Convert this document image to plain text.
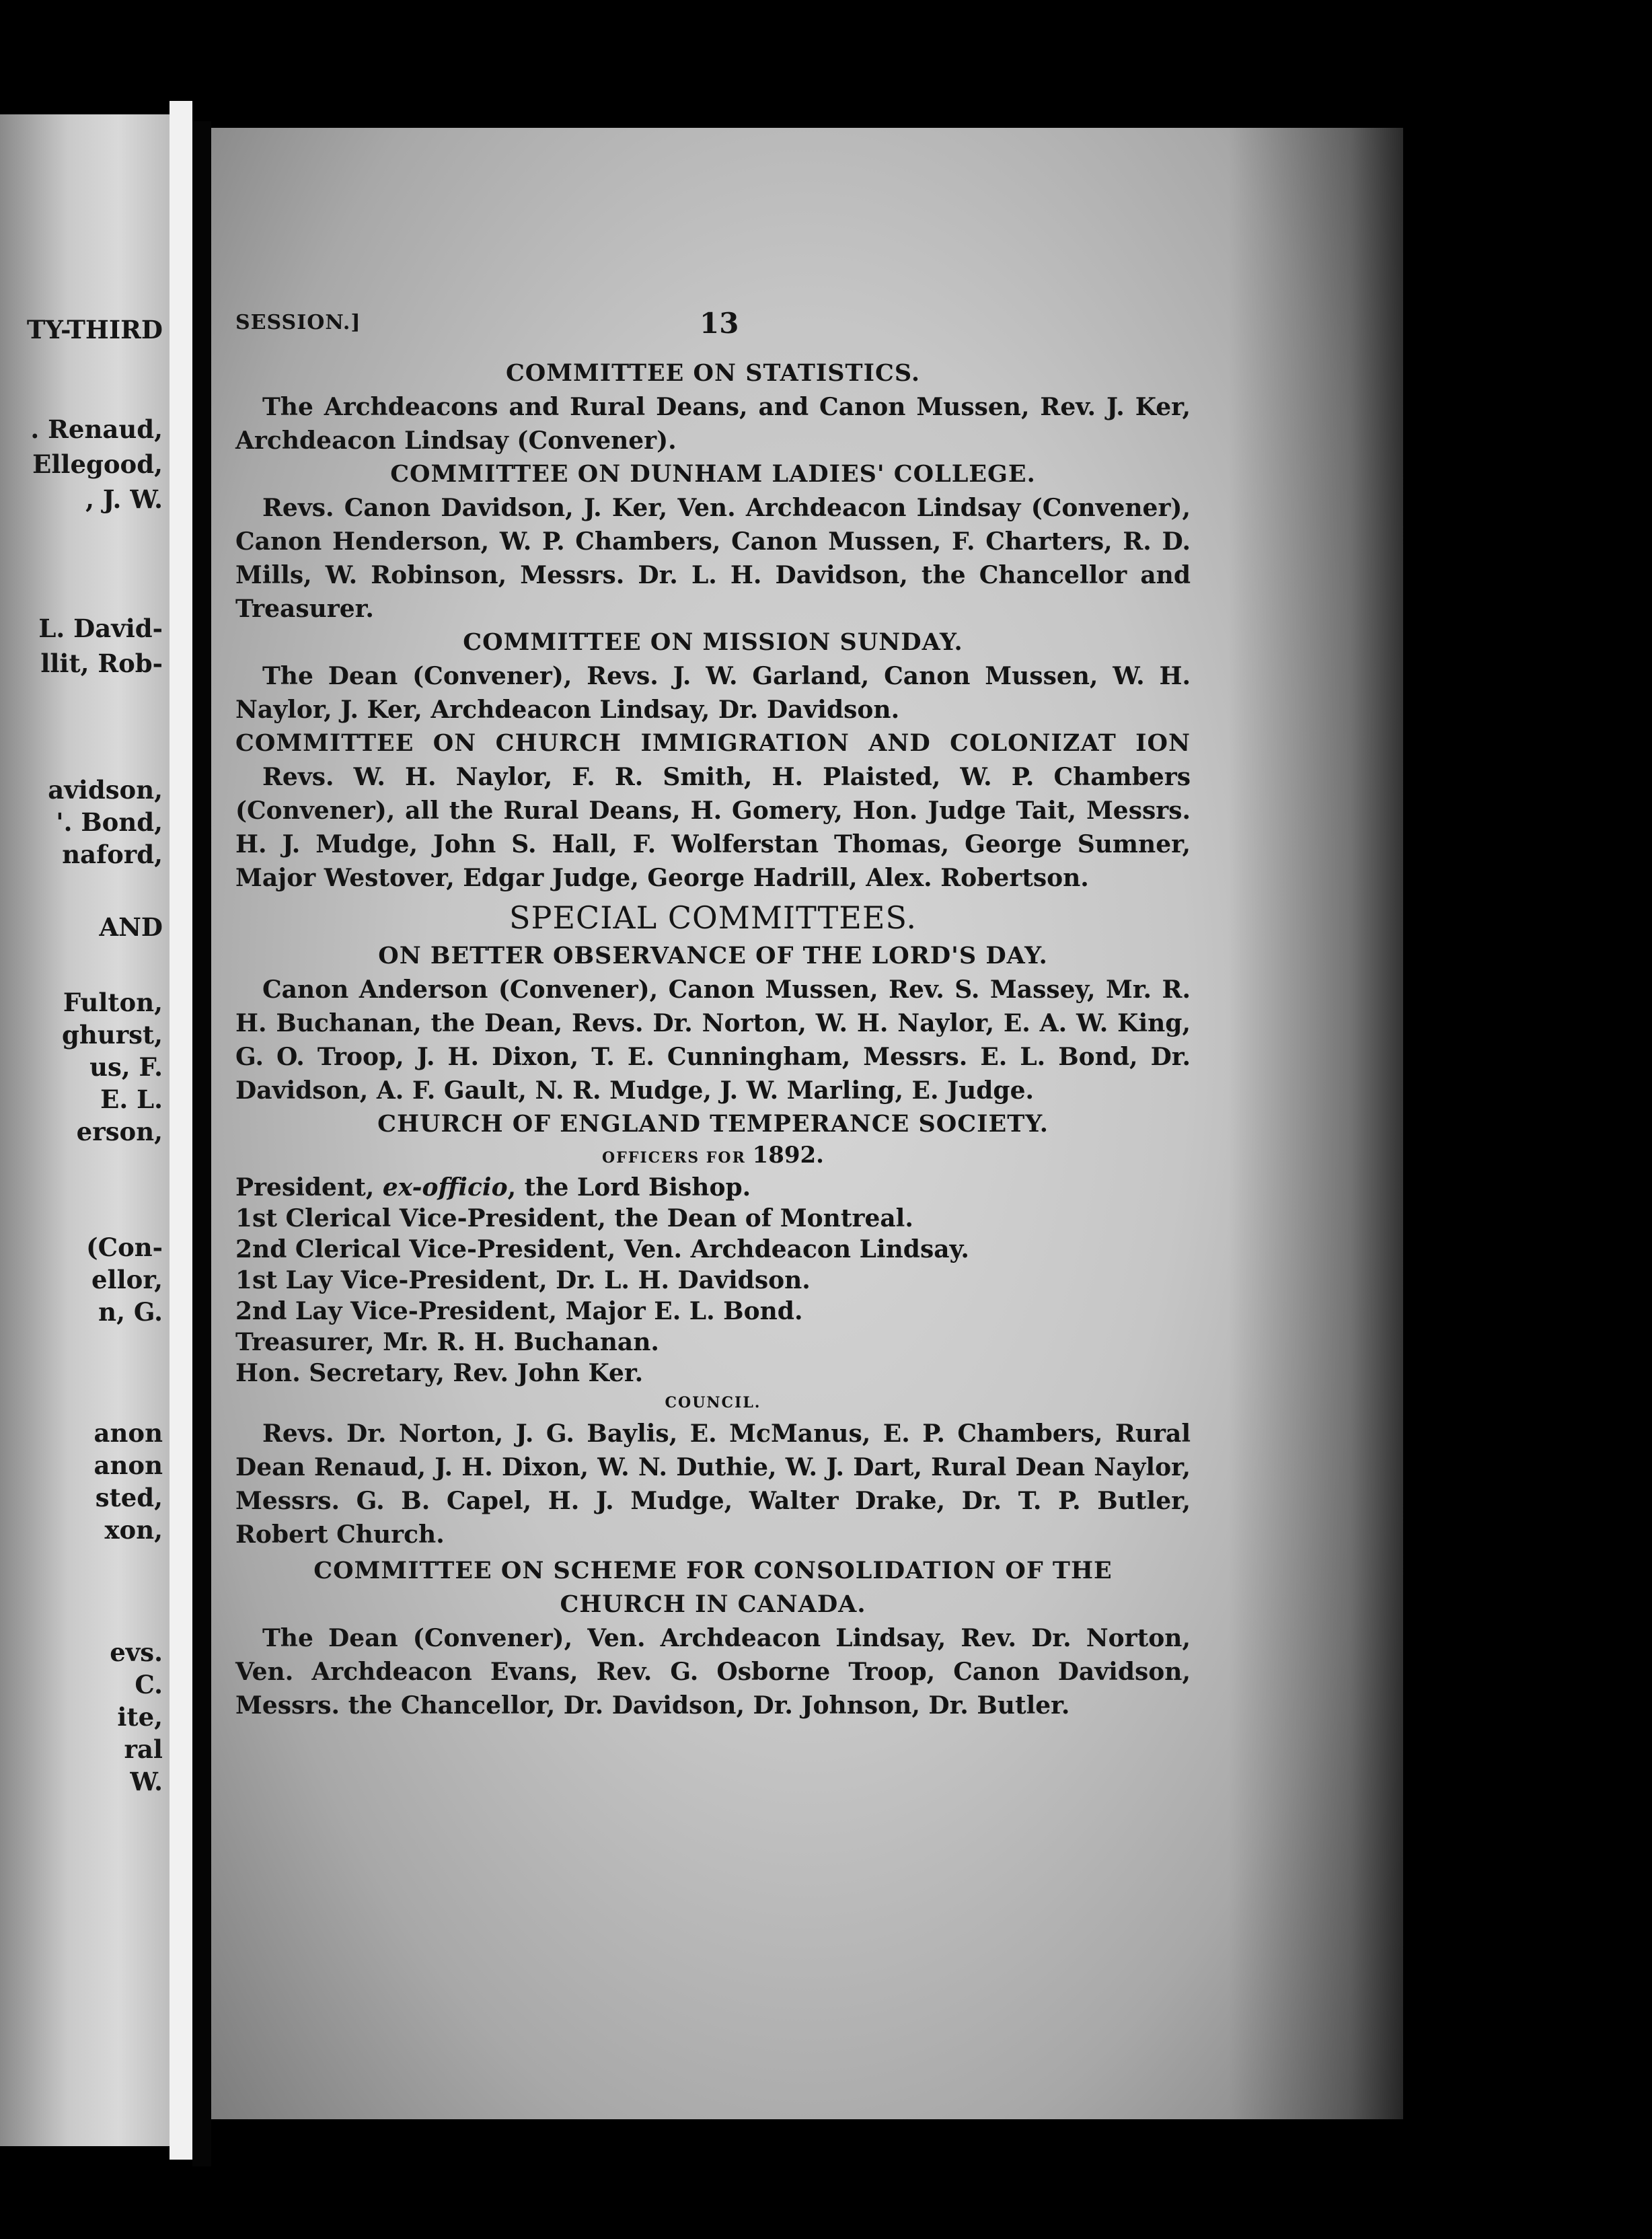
TY-THIRD
. Renaud,
Ellegood,
, J. W.
L. David-
llit, Rob-
avidson,
'. Bond,
naford,
AND
Fulton,
ghurst,
us, F.
E. L.
erson,
(Con-
ellor,
n, G.
anon
anon
sted,
xon,
evs.
C.
ite,
ral
W.
SESSION.]	13

COMMITTEE ON STATISTICS.

The Archdeacons and Rural Deans, and Canon Mussen, Rev. J. Ker, Archdeacon Lindsay (Convener).

COMMITTEE ON DUNHAM LADIES' COLLEGE.

Revs. Canon Davidson, J. Ker, Ven. Archdeacon Lindsay (Convener), Canon Henderson, W. P. Chambers, Canon Mussen, F. Charters, R. D. Mills, W. Robinson, Messrs. Dr. L. H. Davidson, the Chancellor and Treasurer.

COMMITTEE ON MISSION SUNDAY.

The Dean (Convener), Revs. J. W. Garland, Canon Mussen, W. H. Naylor, J. Ker, Archdeacon Lindsay, Dr. Davidson.

COMMITTEE ON CHURCH IMMIGRATION AND COLONIZAT ION

Revs. W. H. Naylor, F. R. Smith, H. Plaisted, W. P. Chambers (Convener), all the Rural Deans, H. Gomery, Hon. Judge Tait, Messrs. H. J. Mudge, John S. Hall, F. Wolferstan Thomas, George Sumner, Major Westover, Edgar Judge, George Hadrill, Alex. Robertson.

SPECIAL COMMITTEES.

ON BETTER OBSERVANCE OF THE LORD'S DAY.

Canon Anderson (Convener), Canon Mussen, Rev. S. Massey, Mr. R. H. Buchanan, the Dean, Revs. Dr. Norton, W. H. Naylor, E. A. W. King, G. O. Troop, J. H. Dixon, T. E. Cunningham, Messrs. E. L. Bond, Dr. Davidson, A. F. Gault, N. R. Mudge, J. W. Marling, E. Judge.

CHURCH OF ENGLAND TEMPERANCE SOCIETY.

OFFICERS FOR 1892.

President, ex-officio, the Lord Bishop.

1st Clerical Vice-President, the Dean of Montreal.

2nd Clerical Vice-President, Ven. Archdeacon Lindsay.

1st Lay Vice-President, Dr. L. H. Davidson.

2nd Lay Vice-President, Major E. L. Bond.

Treasurer, Mr. R. H. Buchanan.

Hon. Secretary, Rev. John Ker.

COUNCIL.

Revs. Dr. Norton, J. G. Baylis, E. McManus, E. P. Chambers, Rural Dean Renaud, J. H. Dixon, W. N. Duthie, W. J. Dart, Rural Dean Naylor, Messrs. G. B. Capel, H. J. Mudge, Walter Drake, Dr. T. P. Butler, Robert Church.

COMMITTEE ON SCHEME FOR CONSOLIDATION OF THE

CHURCH IN CANADA.

The Dean (Convener), Ven. Archdeacon Lindsay, Rev. Dr. Norton, Ven. Archdeacon Evans, Rev. G. Osborne Troop, Canon Davidson, Messrs. the Chancellor, Dr. Davidson, Dr. Johnson, Dr. Butler.
